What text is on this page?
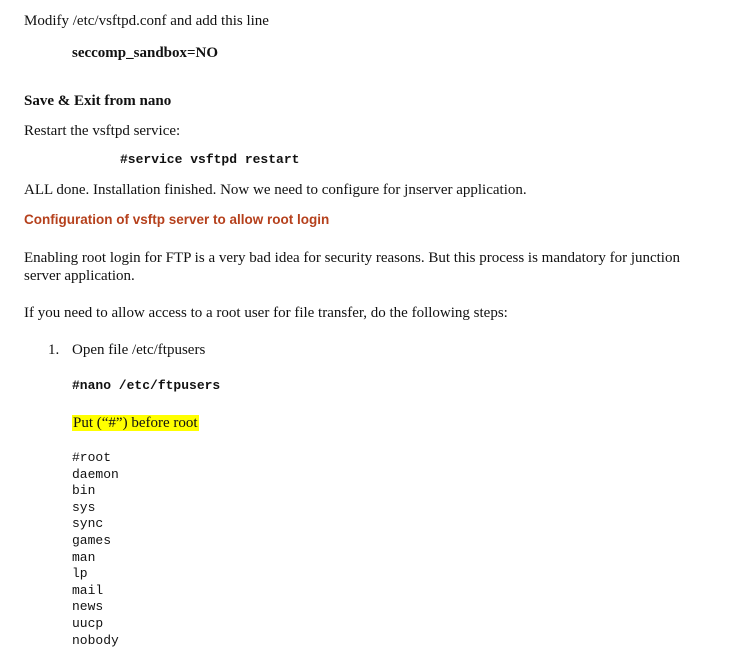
Modify /etc/vsftpd.conf and add this line
seccomp_sandbox=NO
Save & Exit from nano
Restart the vsftpd service:
#service vsftpd restart
ALL done. Installation finished. Now we need to configure for jnserver application.
Configuration of vsftp server to allow root login
Enabling root login for FTP is a very bad idea for security reasons. But this process is mandatory for junction server application.
If you need to allow access to a root user for file transfer, do the following steps:
1. Open file /etc/ftpusers
#nano /etc/ftpusers
Put (“#”) before root
#root
daemon
bin
sys
sync
games
man
lp
mail
news
uucp
nobody
